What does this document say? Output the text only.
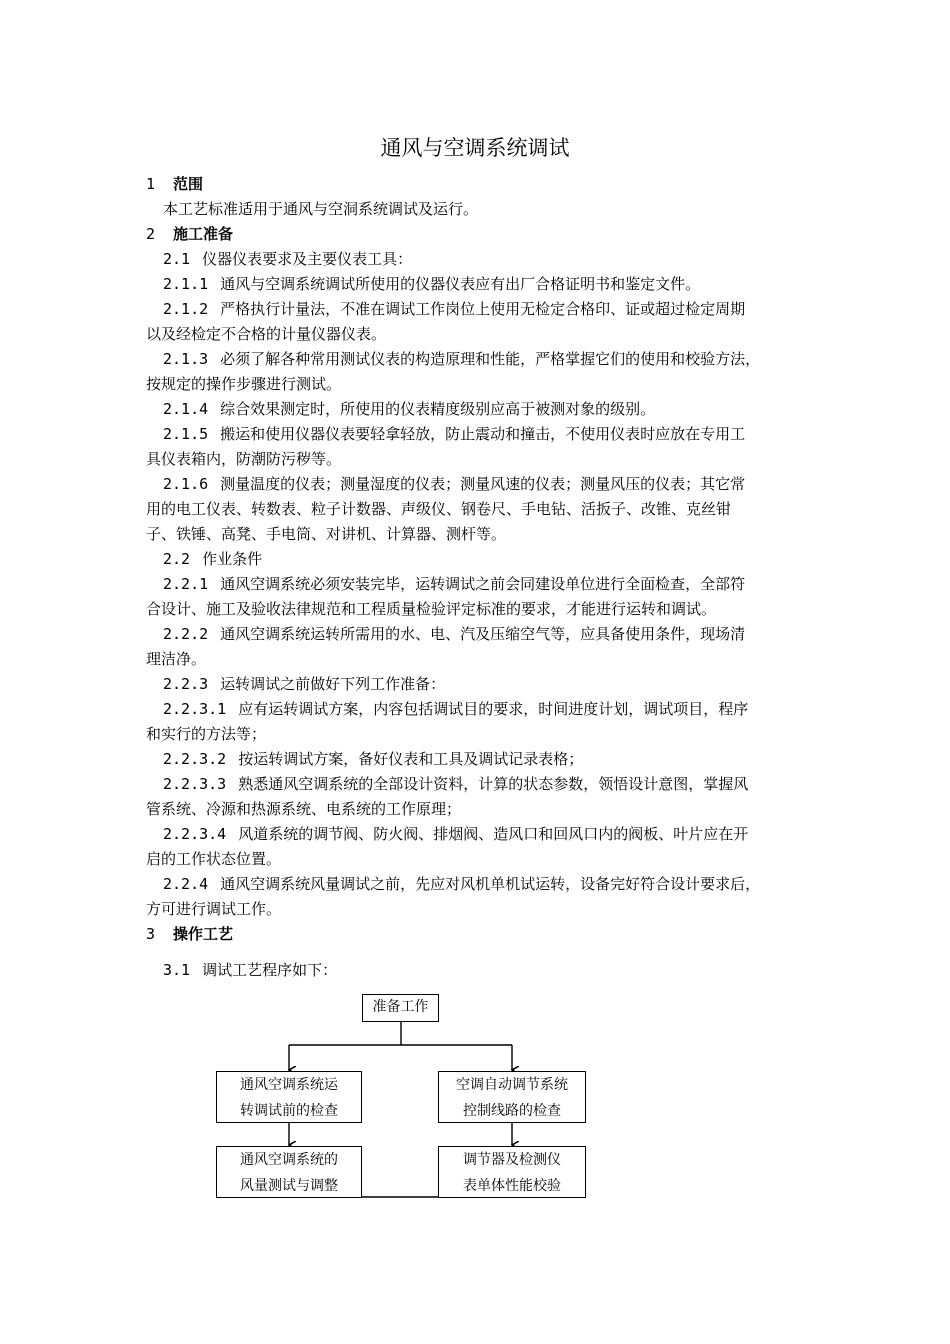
通风与空调系统调试
1 范围
本工艺标准适用于通风与空洞系统调试及运行。
2 施工准备
2.1 仪器仪表要求及主要仪表工具：
2.1.1 通风与空调系统调试所使用的仪器仪表应有出厂合格证明书和鉴定文件。
2.1.2 严格执行计量法，不准在调试工作岗位上使用无检定合格印、证或超过检定周期
以及经检定不合格的计量仪器仪表。
2.1.3 必须了解各种常用测试仪表的构造原理和性能，严格掌握它们的使用和校验方法，
按规定的操作步骤进行测试。
2.1.4 综合效果测定时，所使用的仪表精度级别应高于被测对象的级别。
2.1.5 搬运和使用仪器仪表要轻拿轻放，防止震动和撞击，不使用仪表时应放在专用工
具仪表箱内，防潮防污秽等。
2.1.6 测量温度的仪表；测量湿度的仪表；测量风速的仪表；测量风压的仪表；其它常
用的电工仪表、转数表、粒子计数器、声级仪、钢卷尺、手电钻、活扳子、改锥、克丝钳
子、铁锤、高凳、手电筒、对讲机、计算器、测杆等。
2.2 作业条件
2.2.1 通风空调系统必须安装完毕，运转调试之前会同建设单位进行全面检查，全部符
合设计、施工及验收法律规范和工程质量检验评定标准的要求，才能进行运转和调试。
2.2.2 通风空调系统运转所需用的水、电、汽及压缩空气等，应具备使用条件，现场清
理洁净。
2.2.3 运转调试之前做好下列工作准备：
2.2.3.1 应有运转调试方案，内容包括调试目的要求，时间进度计划，调试项目，程序
和实行的方法等；
2.2.3.2 按运转调试方案，备好仪表和工具及调试记录表格；
2.2.3.3 熟悉通风空调系统的全部设计资料，计算的状态参数，领悟设计意图，掌握风
管系统、冷源和热源系统、电系统的工作原理；
2.2.3.4 风道系统的调节阀、防火阀、排烟阀、造风口和回风口内的阀板、叶片应在开
启的工作状态位置。
2.2.4 通风空调系统风量调试之前，先应对风机单机试运转，设备完好符合设计要求后，
方可进行调试工作。
3 操作工艺
3.1 调试工艺程序如下：
准备工作
通风空调系统运
转调试前的检查
空调自动调节系统
控制线路的检查
通风空调系统的
风量测试与调整
调节器及检测仪
表单体性能校验
